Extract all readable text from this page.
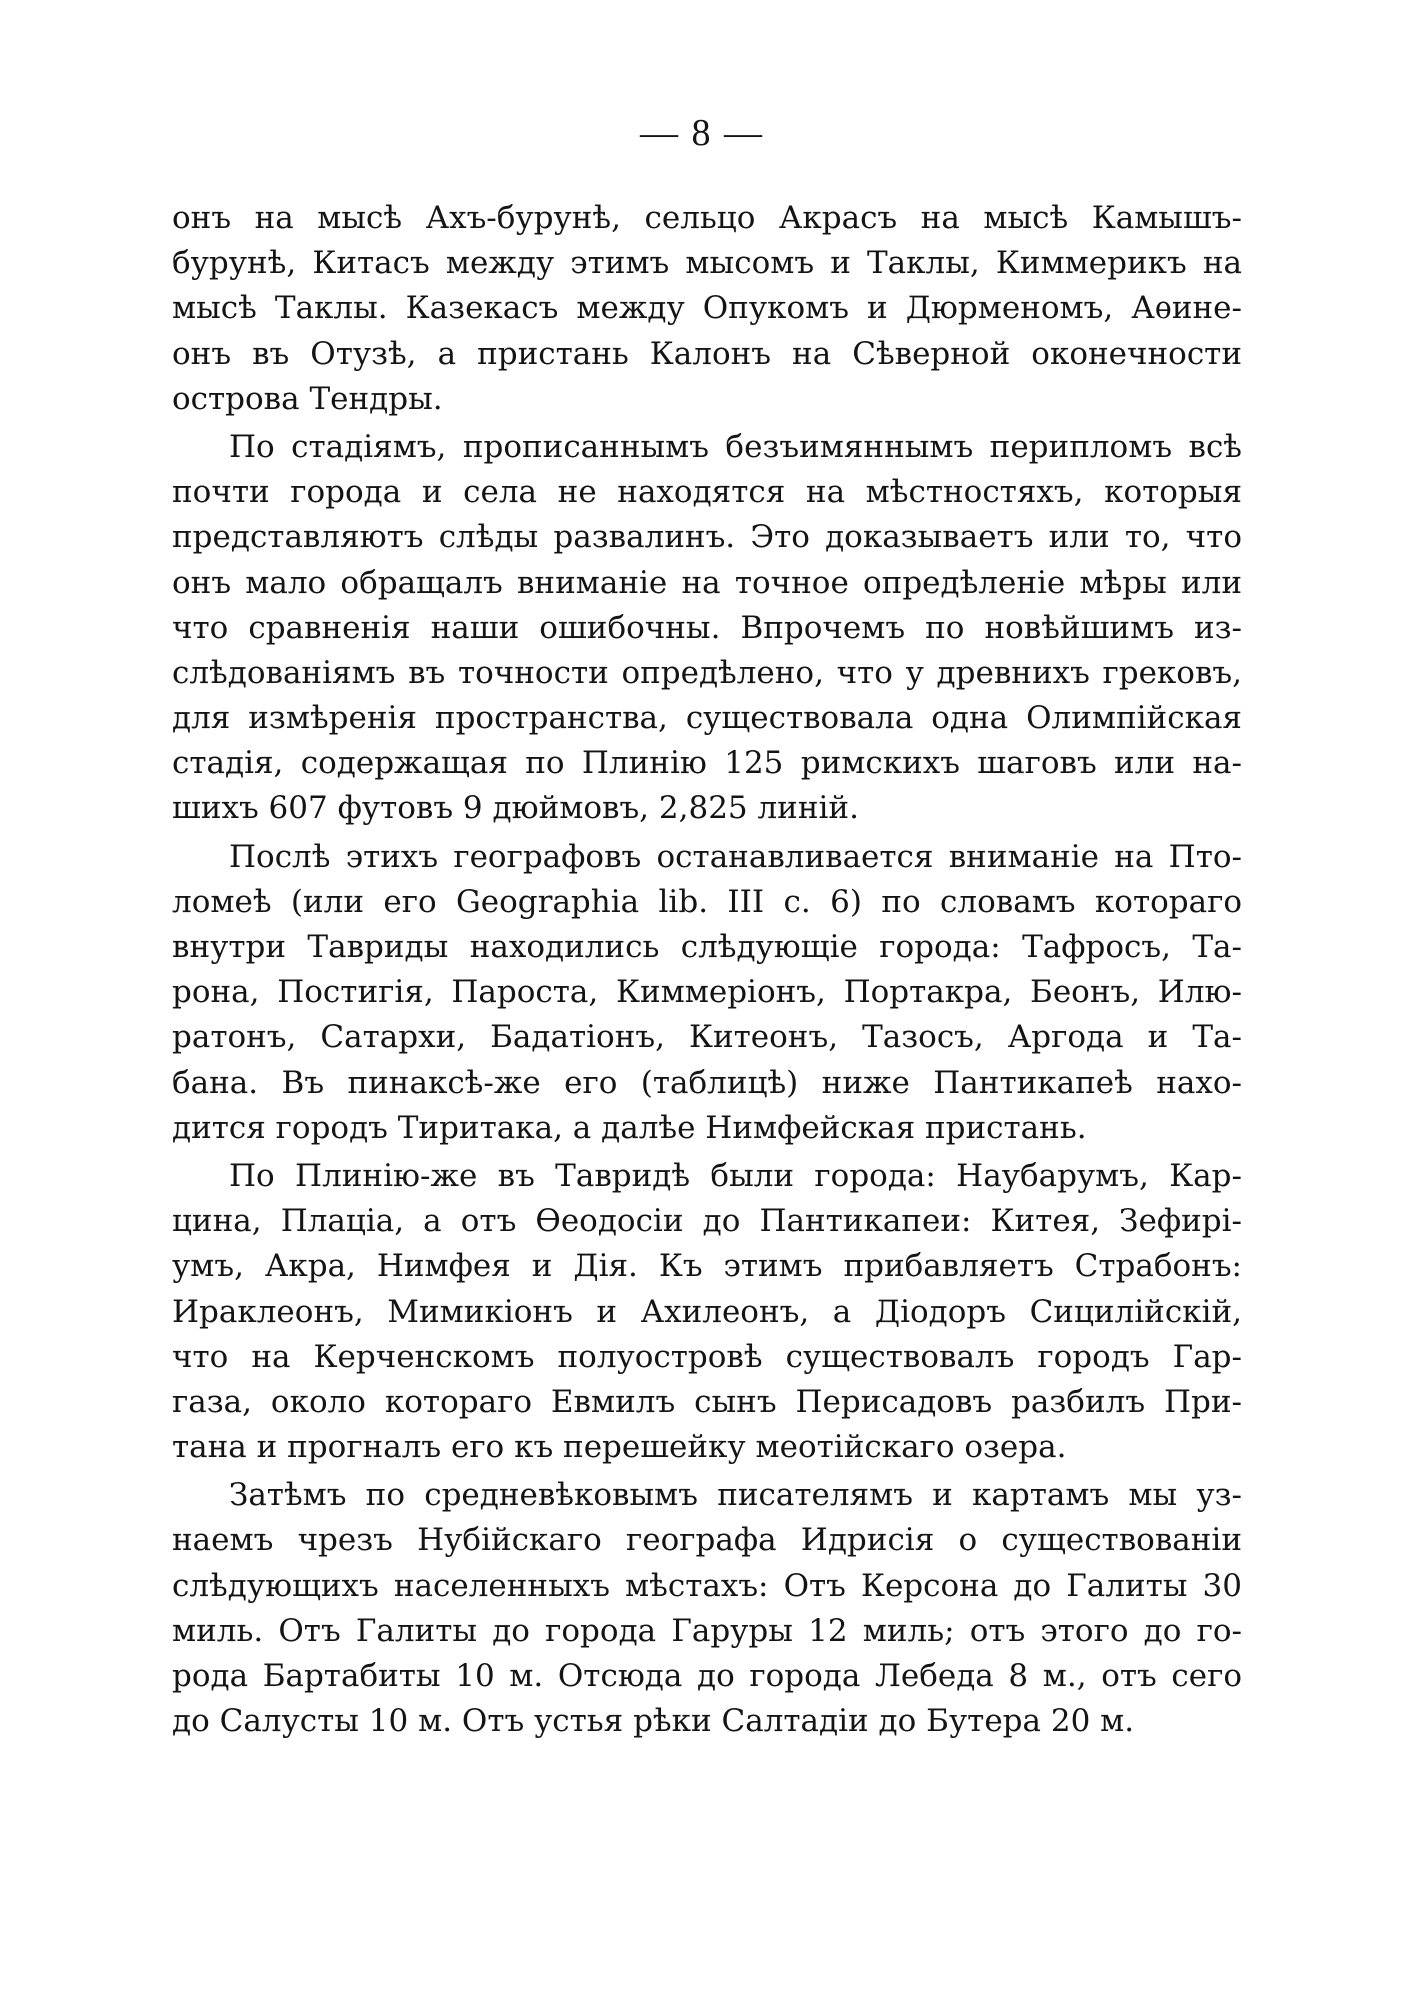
— 8 —
онъ на мысѣ Ахъ-бурунѣ, сельцо Акрасъ на мысѣ Камышъ-
бурунѣ, Китасъ между этимъ мысомъ и Таклы, Киммерикъ на
мысѣ Таклы. Казекасъ между Опукомъ и Дюрменомъ, Аѳине-
онъ въ Отузѣ, а пристань Калонъ на Сѣверной оконечности
острова Тендры.
По стадіямъ, прописаннымъ безъимяннымъ перипломъ всѣ
почти города и села не находятся на мѣстностяхъ, которыя
представляютъ слѣды развалинъ. Это доказываетъ или то, что
онъ мало обращалъ вниманіе на точное опредѣленіе мѣры или
что сравненія наши ошибочны. Впрочемъ по новѣйшимъ из-
слѣдованіямъ въ точности опредѣлено, что у древнихъ грековъ,
для измѣренія пространства, существовала одна Олимпійская
стадія, содержащая по Плинію 125 римскихъ шаговъ или на-
шихъ 607 футовъ 9 дюймовъ, 2,825 линій.
Послѣ этихъ географовъ останавливается вниманіе на Пто-
ломеѣ (или его Geographia lib. III c. 6) по словамъ котораго
внутри Тавриды находились слѣдующіе города: Тафросъ, Та-
рона, Постигія, Пароста, Киммеріонъ, Портакра, Беонъ, Илю-
ратонъ, Сатархи, Бадатіонъ, Китеонъ, Тазосъ, Аргода и Та-
бана. Въ пинаксѣ-же его (таблицѣ) ниже Пантикапеѣ нахо-
дится городъ Тиритака, а далѣе Нимфейская пристань.
По Плинію-же въ Тавридѣ были города: Наубарумъ, Кар-
цина, Плаціа, а отъ Ѳеодосіи до Пантикапеи: Китея, Зефирі-
умъ, Акра, Нимфея и Дія. Къ этимъ прибавляетъ Страбонъ:
Ираклеонъ, Мимикіонъ и Ахилеонъ, а Діодоръ Сицилійскій,
что на Керченскомъ полуостровѣ существовалъ городъ Гар-
газа, около котораго Евмилъ сынъ Перисадовъ разбилъ При-
тана и прогналъ его къ перешейку меотійскаго озера.
Затѣмъ по средневѣковымъ писателямъ и картамъ мы уз-
наемъ чрезъ Нубійскаго географа Идрисія о существованіи
слѣдующихъ населенныхъ мѣстахъ: Отъ Керсона до Галиты 30
миль. Отъ Галиты до города Гаруры 12 миль; отъ этого до го-
рода Бартабиты 10 м. Отсюда до города Лебеда 8 м., отъ сего
до Салусты 10 м. Отъ устья рѣки Салтадіи до Бутера 20 м.
